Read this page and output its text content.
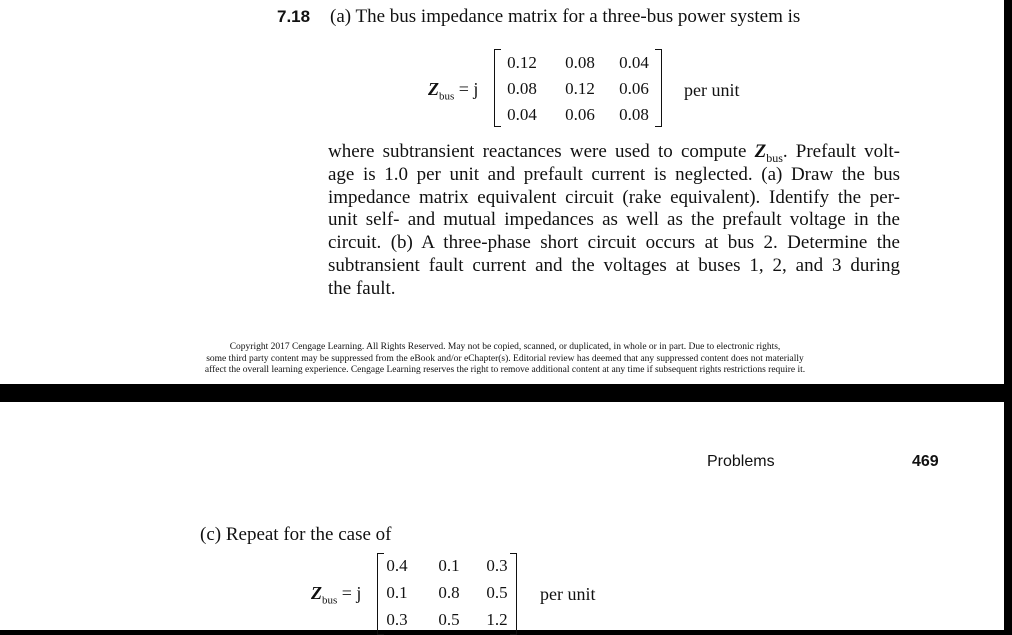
7.18 (a) The bus impedance matrix for a three-bus power system is
$Z_{bus} = j$
0.12	0.08	0.04
0.08	0.12	0.06
0.04	0.06	0.08
per unit
where subtransient reactances were used to compute $Z_{bus}$. Prefault volt-
age is 1.0 per unit and prefault current is neglected. (a) Draw the bus
impedance matrix equivalent circuit (rake equivalent). Identify the per-
unit self- and mutual impedances as well as the prefault voltage in the
circuit. (b) A three-phase short circuit occurs at bus 2. Determine the
subtransient fault current and the voltages at buses 1, 2, and 3 during
the fault.
Copyright 2017 Cengage Learning. All Rights Reserved. May not be copied, scanned, or duplicated, in whole or in part. Due to electronic rights,
some third party content may be suppressed from the eBook and/or eChapter(s). Editorial review has deemed that any suppressed content does not materially
affect the overall learning experience. Cengage Learning reserves the right to remove additional content at any time if subsequent rights restrictions require it.
Problems	469
(c) Repeat for the case of
$Z_{bus} = j$
0.4	0.1	0.3
0.1	0.8	0.5
0.3	0.5	1.2
per unit
